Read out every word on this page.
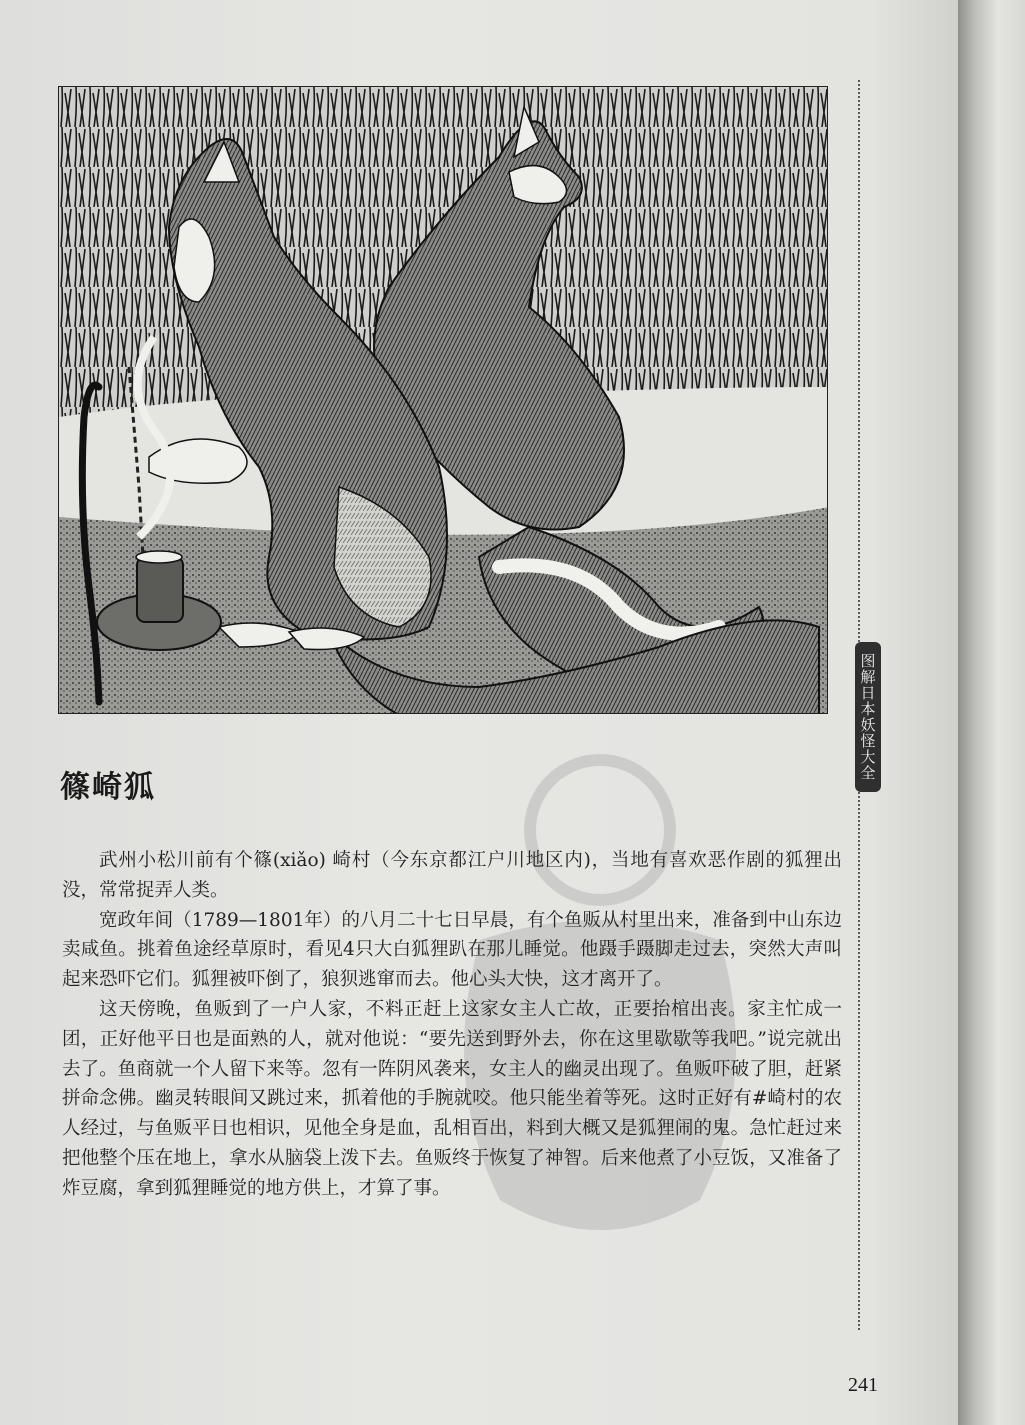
图解日本妖怪大全
篠崎狐

武州小松川前有个篠(xiǎo) 崎村（今东京都江户川地区内)，当地有喜欢恶作剧的狐狸出没，常常捉弄人类。

宽政年间（1789—1801年）的八月二十七日早晨，有个鱼贩从村里出来，准备到中山东边卖咸鱼。挑着鱼途经草原时，看见4只大白狐狸趴在那儿睡觉。他蹑手蹑脚走过去，突然大声叫起来恐吓它们。狐狸被吓倒了，狼狈逃窜而去。他心头大快，这才离开了。

这天傍晚，鱼贩到了一户人家，不料正赶上这家女主人亡故，正要抬棺出丧。家主忙成一团，正好他平日也是面熟的人，就对他说：“要先送到野外去，你在这里歇歇等我吧。”说完就出去了。鱼商就一个人留下来等。忽有一阵阴风袭来，女主人的幽灵出现了。鱼贩吓破了胆，赶紧拼命念佛。幽灵转眼间又跳过来，抓着他的手腕就咬。他只能坐着等死。这时正好有#崎村的农人经过，与鱼贩平日也相识，见他全身是血，乱相百出，料到大概又是狐狸闹的鬼。急忙赶过来把他整个压在地上，拿水从脑袋上泼下去。鱼贩终于恢复了神智。后来他煮了小豆饭，又准备了炸豆腐，拿到狐狸睡觉的地方供上，才算了事。

241
